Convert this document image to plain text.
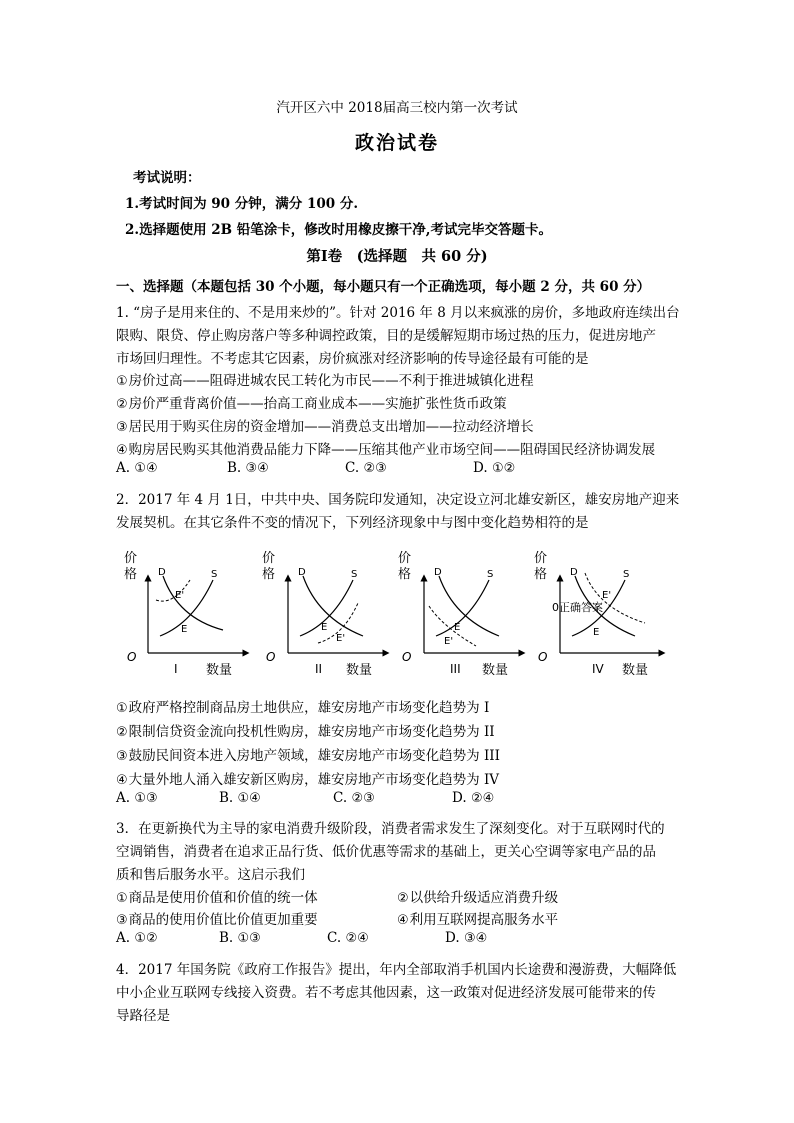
汽开区六中 2018届高三校内第一次考试
政治试卷
考试说明：
1.考试时间为 90 分钟，满分 100 分.
2.选择题使用 2B 铅笔涂卡，修改时用橡皮擦干净,考试完毕交答题卡。
第Ⅰ卷　(选择题　共 60 分)
一、选择题（本题包括 30 个小题，每小题只有一个正确选项，每小题 2 分，共 60 分）
1. “房子是用来住的、不是用来炒的”。针对 2016 年 8 月以来疯涨的房价，多地政府连续出台
限购、限贷、停止购房落户等多种调控政策，目的是缓解短期市场过热的压力，促进房地产
市场回归理性。不考虑其它因素，房价疯涨对经济影响的传导途径最有可能的是
①房价过高——阻碍进城农民工转化为市民——不利于推进城镇化进程
②房价严重背离价值——抬高工商业成本——实施扩张性货币政策
③居民用于购买住房的资金增加——消费总支出增加——拉动经济增长
④购房居民购买其他消费品能力下降——压缩其他产业市场空间——阻碍国民经济协调发展
A. ①④	B. ③④	C. ②③	D. ①②
2．2017 年 4 月 1日，中共中央、国务院印发通知，决定设立河北雄安新区，雄安房地产迎来
发展契机。在其它条件不变的情况下，下列经济现象中与图中变化趋势相符的是
价
格
O
I 数量
D	S
E'
E
价
格
O
II 数量
D	S
E
E'
价
格
O
III 数量
D	S
E
E'
价
格
O
IV 数量
D	S
E'
E
0正确答案
①政府严格控制商品房土地供应，雄安房地产市场变化趋势为 I
②限制信贷资金流向投机性购房，雄安房地产市场变化趋势为 II
③鼓励民间资本进入房地产领域，雄安房地产市场变化趋势为 III
④大量外地人涌入雄安新区购房，雄安房地产市场变化趋势为 IV
A. ①③	B. ①④	C. ②③	D. ②④
3．在更新换代为主导的家电消费升级阶段，消费者需求发生了深刻变化。对于互联网时代的
空调销售，消费者在追求正品行货、低价优惠等需求的基础上，更关心空调等家电产品的品
质和售后服务水平。这启示我们
①商品是使用价值和价值的统一体	②以供给升级适应消费升级
③商品的使用价值比价值更加重要	④利用互联网提高服务水平
A. ①②	B. ①③	C. ②④	D. ③④
4．2017 年国务院《政府工作报告》提出，年内全部取消手机国内长途费和漫游费，大幅降低
中小企业互联网专线接入资费。若不考虑其他因素，这一政策对促进经济发展可能带来的传
导路径是
